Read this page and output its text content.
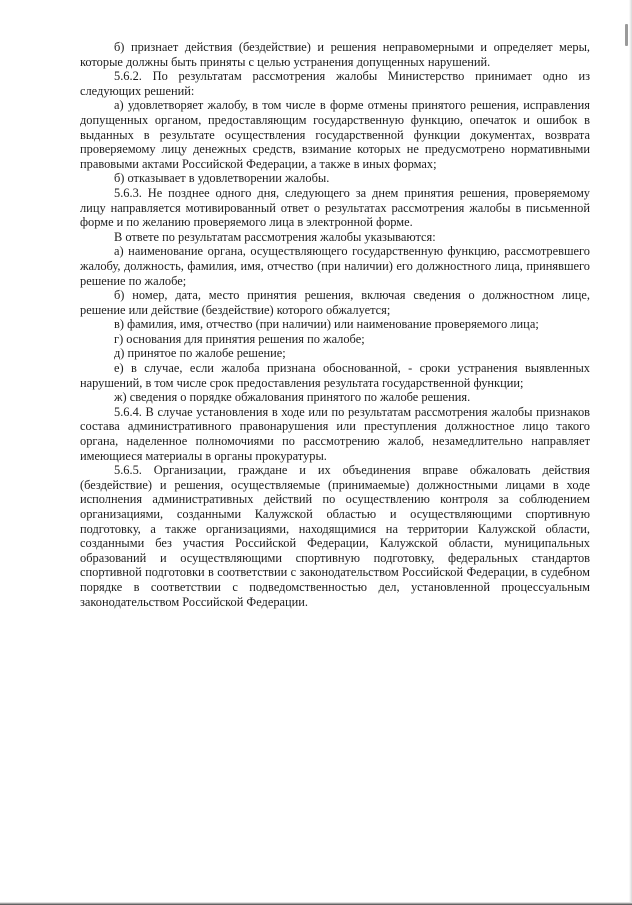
б) признает действия (бездействие) и решения неправомерными и определяет меры, которые должны быть приняты с целью устранения допущенных нарушений.

5.6.2. По результатам рассмотрения жалобы Министерство принимает одно из следующих решений:

а) удовлетворяет жалобу, в том числе в форме отмены принятого решения, исправления допущенных органом, предоставляющим государственную функцию, опечаток и ошибок в выданных в результате осуществления государственной функции документах, возврата проверяемому лицу денежных средств, взимание которых не предусмотрено нормативными правовыми актами Российской Федерации, а также в иных формах;

б) отказывает в удовлетворении жалобы.

5.6.3. Не позднее одного дня, следующего за днем принятия решения, проверяемому лицу направляется мотивированный ответ о результатах рассмотрения жалобы в письменной форме и по желанию проверяемого лица в электронной форме.

В ответе по результатам рассмотрения жалобы указываются:

а) наименование органа, осуществляющего государственную функцию, рассмотревшего жалобу, должность, фамилия, имя, отчество (при наличии) его должностного лица, принявшего решение по жалобе;

б) номер, дата, место принятия решения, включая сведения о должностном лице, решение или действие (бездействие) которого обжалуется;

в) фамилия, имя, отчество (при наличии) или наименование проверяемого лица;

г) основания для принятия решения по жалобе;

д) принятое по жалобе решение;

е) в случае, если жалоба признана обоснованной, - сроки устранения выявленных нарушений, в том числе срок предоставления результата государственной функции;

ж) сведения о порядке обжалования принятого по жалобе решения.

5.6.4. В случае установления в ходе или по результатам рассмотрения жалобы признаков состава административного правонарушения или преступления должностное лицо такого органа, наделенное полномочиями по рассмотрению жалоб, незамедлительно направляет имеющиеся материалы в органы прокуратуры.

5.6.5. Организации, граждане и их объединения вправе обжаловать действия (бездействие) и решения, осуществляемые (принимаемые) должностными лицами в ходе исполнения административных действий по осуществлению контроля за соблюдением организациями, созданными Калужской областью и осуществляющими спортивную подготовку, а также организациями, находящимися на территории Калужской области, созданными без участия Российской Федерации, Калужской области, муниципальных образований и осуществляющими спортивную подготовку, федеральных стандартов спортивной подготовки в соответствии с законодательством Российской Федерации, в судебном порядке в соответствии с подведомственностью дел, установленной процессуальным законодательством Российской Федерации.
